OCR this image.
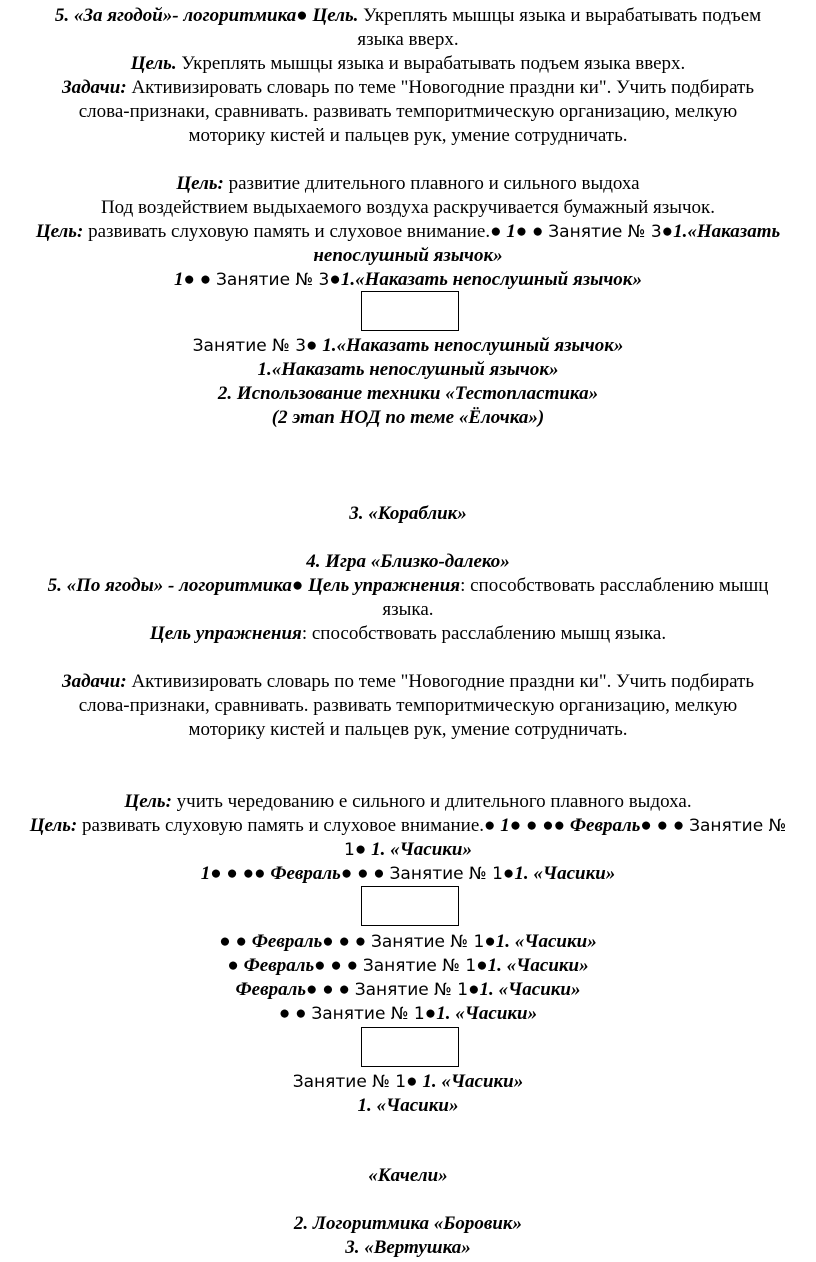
5. «За ягодой»- логоритмика● Цель. Укреплять мышцы языка и вырабатывать подъем
языка вверх.
Цель. Укреплять мышцы языка и вырабатывать подъем языка вверх.
Задачи: Активизировать словарь по теме "Новогодние праздни ки". Учить подбирать
слова-признаки, сравнивать. развивать темпоритмическую организацию, мелкую
моторику кистей и пальцев рук, умение сотрудничать.
Цель: развитие длительного плавного и сильного выдоха
Под воздействием выдыхаемого воздуха раскручивается бумажный язычок.
Цель: развивать слуховую память и слуховое внимание.● 1● ● Занятие № 3●1.«Наказать
непослушный язычок»
1● ● Занятие № 3●1.«Наказать непослушный язычок»
Занятие № 3● 1.«Наказать непослушный язычок»
1.«Наказать непослушный язычок»
2. Использование техники «Тестопластика»
(2 этап НОД по теме «Ёлочка»)
3. «Кораблик»
4. Игра «Близко-далеко»
5. «По ягоды» - логоритмика● Цель упражнения: способствовать расслаблению мышц
языка.
Цель упражнения: способствовать расслаблению мышц языка.
Задачи: Активизировать словарь по теме "Новогодние праздни ки". Учить подбирать
слова-признаки, сравнивать. развивать темпоритмическую организацию, мелкую
моторику кистей и пальцев рук, умение сотрудничать.
Цель: учить чередованию е сильного и длительного плавного выдоха.
Цель: развивать слуховую память и слуховое внимание.● 1● ● ●● Февраль● ● ● Занятие №
1● 1. «Часики»
1● ● ●● Февраль● ● ● Занятие № 1●1. «Часики»
● ● Февраль● ● ● Занятие № 1●1. «Часики»
● Февраль● ● ● Занятие № 1●1. «Часики»
Февраль● ● ● Занятие № 1●1. «Часики»
● ● Занятие № 1●1. «Часики»
Занятие № 1● 1. «Часики»
1. «Часики»
«Качели»
2. Логоритмика «Боровик»
3. «Вертушка»
